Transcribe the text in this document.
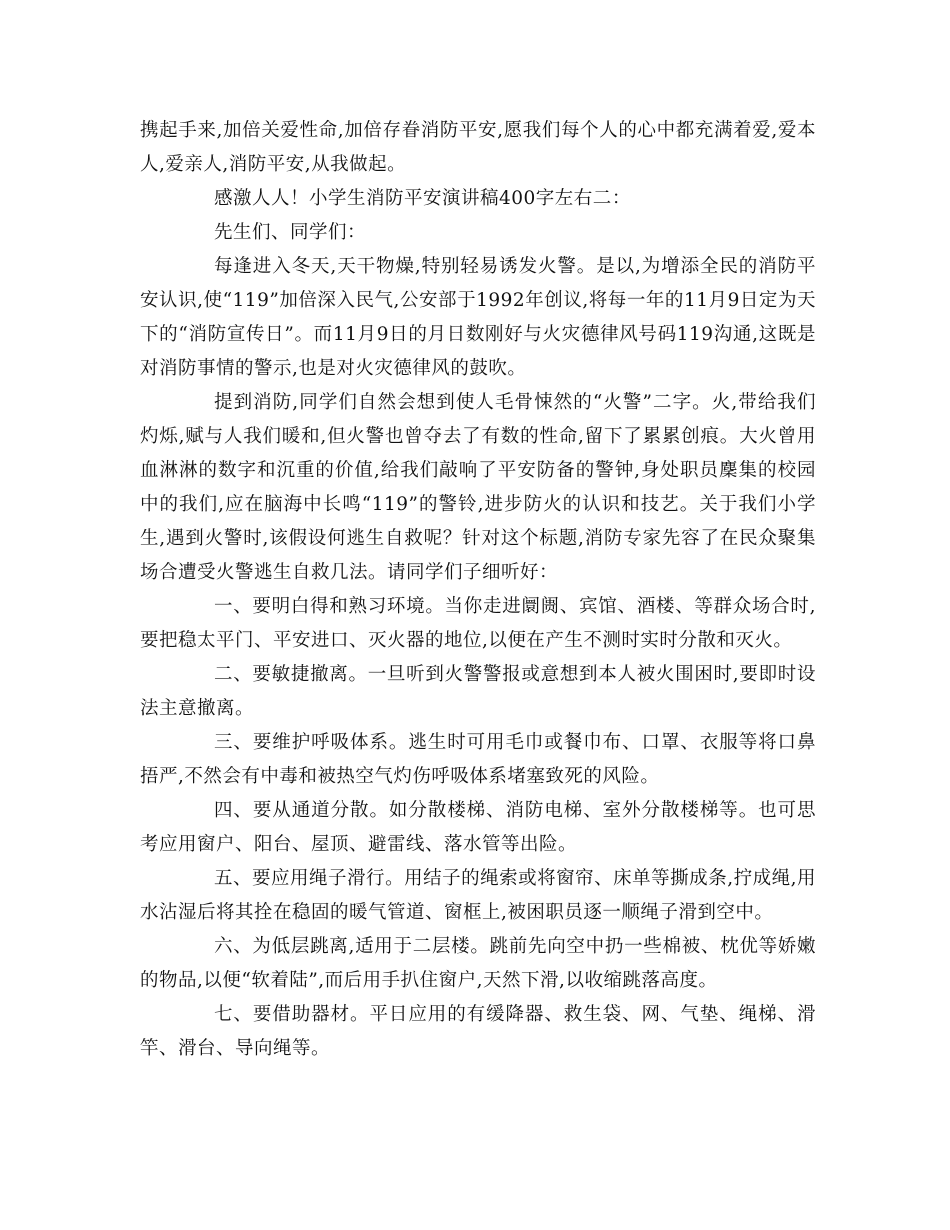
携起手来,加倍关爱性命,加倍存眷消防平安,愿我们每个人的心中都充满着爱,爱本人,爱亲人,消防平安,从我做起。

感激人人！小学生消防平安演讲稿400字左右二：

先生们、同学们：

每逢进入冬天,天干物燥,特别轻易诱发火警。是以,为增添全民的消防平安认识,使“119”加倍深入民气,公安部于1992年创议,将每一年的11月9日定为天下的“消防宣传日”。而11月9日的月日数刚好与火灾德律风号码119沟通,这既是对消防事情的警示,也是对火灾德律风的鼓吹。

提到消防,同学们自然会想到使人毛骨悚然的“火警”二字。火,带给我们灼烁,赋与人我们暖和,但火警也曾夺去了有数的性命,留下了累累创痕。大火曾用血淋淋的数字和沉重的价值,给我们敲响了平安防备的警钟,身处职员麇集的校园中的我们,应在脑海中长鸣“119”的警铃,进步防火的认识和技艺。关于我们小学生,遇到火警时,该假设何逃生自救呢？针对这个标题,消防专家先容了在民众聚集场合遭受火警逃生自救几法。请同学们子细听好：

一、要明白得和熟习环境。当你走进阛阓、宾馆、酒楼、等群众场合时,要把稳太平门、平安进口、灭火器的地位,以便在产生不测时实时分散和灭火。

二、要敏捷撤离。一旦听到火警警报或意想到本人被火围困时,要即时设法主意撤离。

三、要维护呼吸体系。逃生时可用毛巾或餐巾布、口罩、衣服等将口鼻捂严,不然会有中毒和被热空气灼伤呼吸体系堵塞致死的风险。

四、要从通道分散。如分散楼梯、消防电梯、室外分散楼梯等。也可思考应用窗户、阳台、屋顶、避雷线、落水管等出险。

五、要应用绳子滑行。用结子的绳索或将窗帘、床单等撕成条,拧成绳,用水沾湿后将其拴在稳固的暖气管道、窗框上,被困职员逐一顺绳子滑到空中。

六、为低层跳离,适用于二层楼。跳前先向空中扔一些棉被、枕优等娇嫩的物品,以便“软着陆”,而后用手扒住窗户,天然下滑,以收缩跳落高度。

七、要借助器材。平日应用的有缓降器、救生袋、网、气垫、绳梯、滑竿、滑台、导向绳等。
